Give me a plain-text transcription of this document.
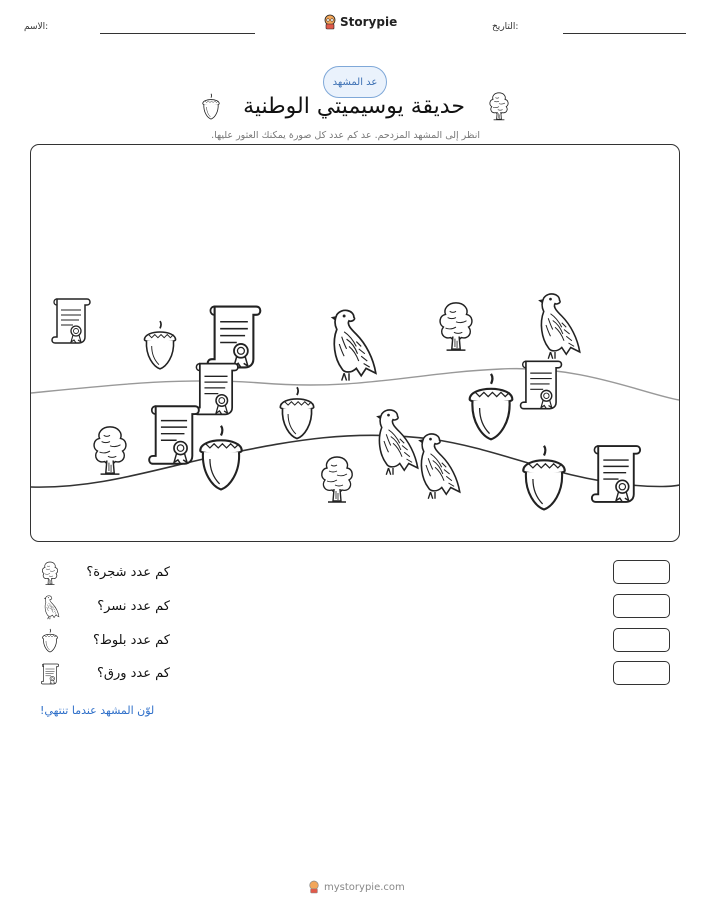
الاسم:	Storypie	التاريخ:
عد المشهد
حديقة يوسيميتي الوطنية
انظر إلى المشهد المزدحم. عد كم عدد كل صورة يمكنك العثور عليها.
كم عدد شجرة؟
كم عدد نسر؟
كم عدد بلوط؟
كم عدد ورق؟
لوّن المشهد عندما تنتهي!
mystorypie.com
